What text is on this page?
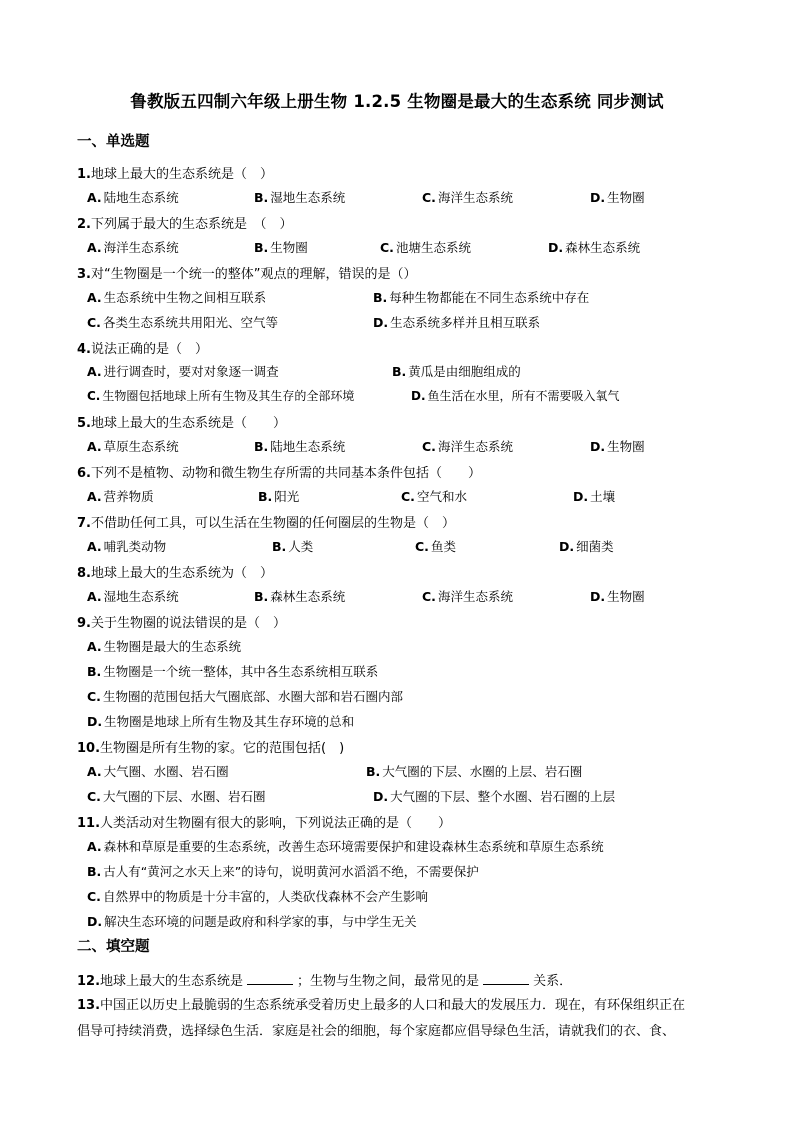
鲁教版五四制六年级上册生物 1.2.5 生物圈是最大的生态系统 同步测试
一、单选题
1.地球上最大的生态系统是（　）
A. 陆地生态系统	B. 湿地生态系统	C. 海洋生态系统	D. 生物圈
2.下列属于最大的生态系统是　（　）
A. 海洋生态系统	B. 生物圈	C. 池塘生态系统	D. 森林生态系统
3.对“生物圈是一个统一的整体”观点的理解，错误的是（）
A. 生态系统中生物之间相互联系	B. 每种生物都能在不同生态系统中存在
C. 各类生态系统共用阳光、空气等	D. 生态系统多样并且相互联系
4.说法正确的是（　）
A. 进行调查时，要对对象逐一调查	B. 黄瓜是由细胞组成的
C. 生物圈包括地球上所有生物及其生存的全部环境	D. 鱼生活在水里，所有不需要吸入氧气
5.地球上最大的生态系统是（　　）
A. 草原生态系统	B. 陆地生态系统	C. 海洋生态系统	D. 生物圈
6.下列不是植物、动物和微生物生存所需的共同基本条件包括（　　）
A. 营养物质	B. 阳光	C. 空气和水	D. 土壤
7.不借助任何工具，可以生活在生物圈的任何圈层的生物是（　）
A. 哺乳类动物	B. 人类	C. 鱼类	D. 细菌类
8.地球上最大的生态系统为（　）
A. 湿地生态系统	B. 森林生态系统	C. 海洋生态系统	D. 生物圈
9.关于生物圈的说法错误的是（　）
A. 生物圈是最大的生态系统
B. 生物圈是一个统一整体，其中各生态系统相互联系
C. 生物圈的范围包括大气圈底部、水圈大部和岩石圈内部
D. 生物圈是地球上所有生物及其生存环境的总和
10.生物圈是所有生物的家。它的范围包括(　)
A. 大气圈、水圈、岩石圈	B. 大气圈的下层、水圈的上层、岩石圈
C. 大气圈的下层、水圈、岩石圈	D. 大气圈的下层、整个水圈、岩石圈的上层
11.人类活动对生物圈有很大的影响，下列说法正确的是（　　）
A. 森林和草原是重要的生态系统，改善生态环境需要保护和建设森林生态系统和草原生态系统
B. 古人有“黄河之水天上来”的诗句，说明黄河水滔滔不绝，不需要保护
C. 自然界中的物质是十分丰富的，人类砍伐森林不会产生影响
D. 解决生态环境的问题是政府和科学家的事，与中学生无关
二、填空题
12.地球上最大的生态系统是	；生物与生物之间，最常见的是	关系．
13.中国正以历史上最脆弱的生态系统承受着历史上最多的人口和最大的发展压力．现在，有环保组织正在
倡导可持续消费，选择绿色生活．家庭是社会的细胞，每个家庭都应倡导绿色生活，请就我们的衣、食、
